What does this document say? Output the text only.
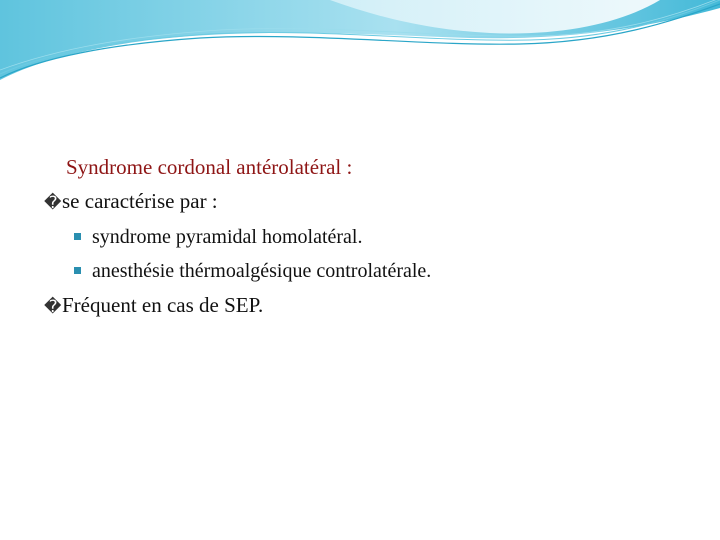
Syndrome cordonal antérolatéral :
� se caractérise par :
syndrome pyramidal homolatéral.
anesthésie thérmoalgésique controlatérale.
� Fréquent en cas de SEP.
